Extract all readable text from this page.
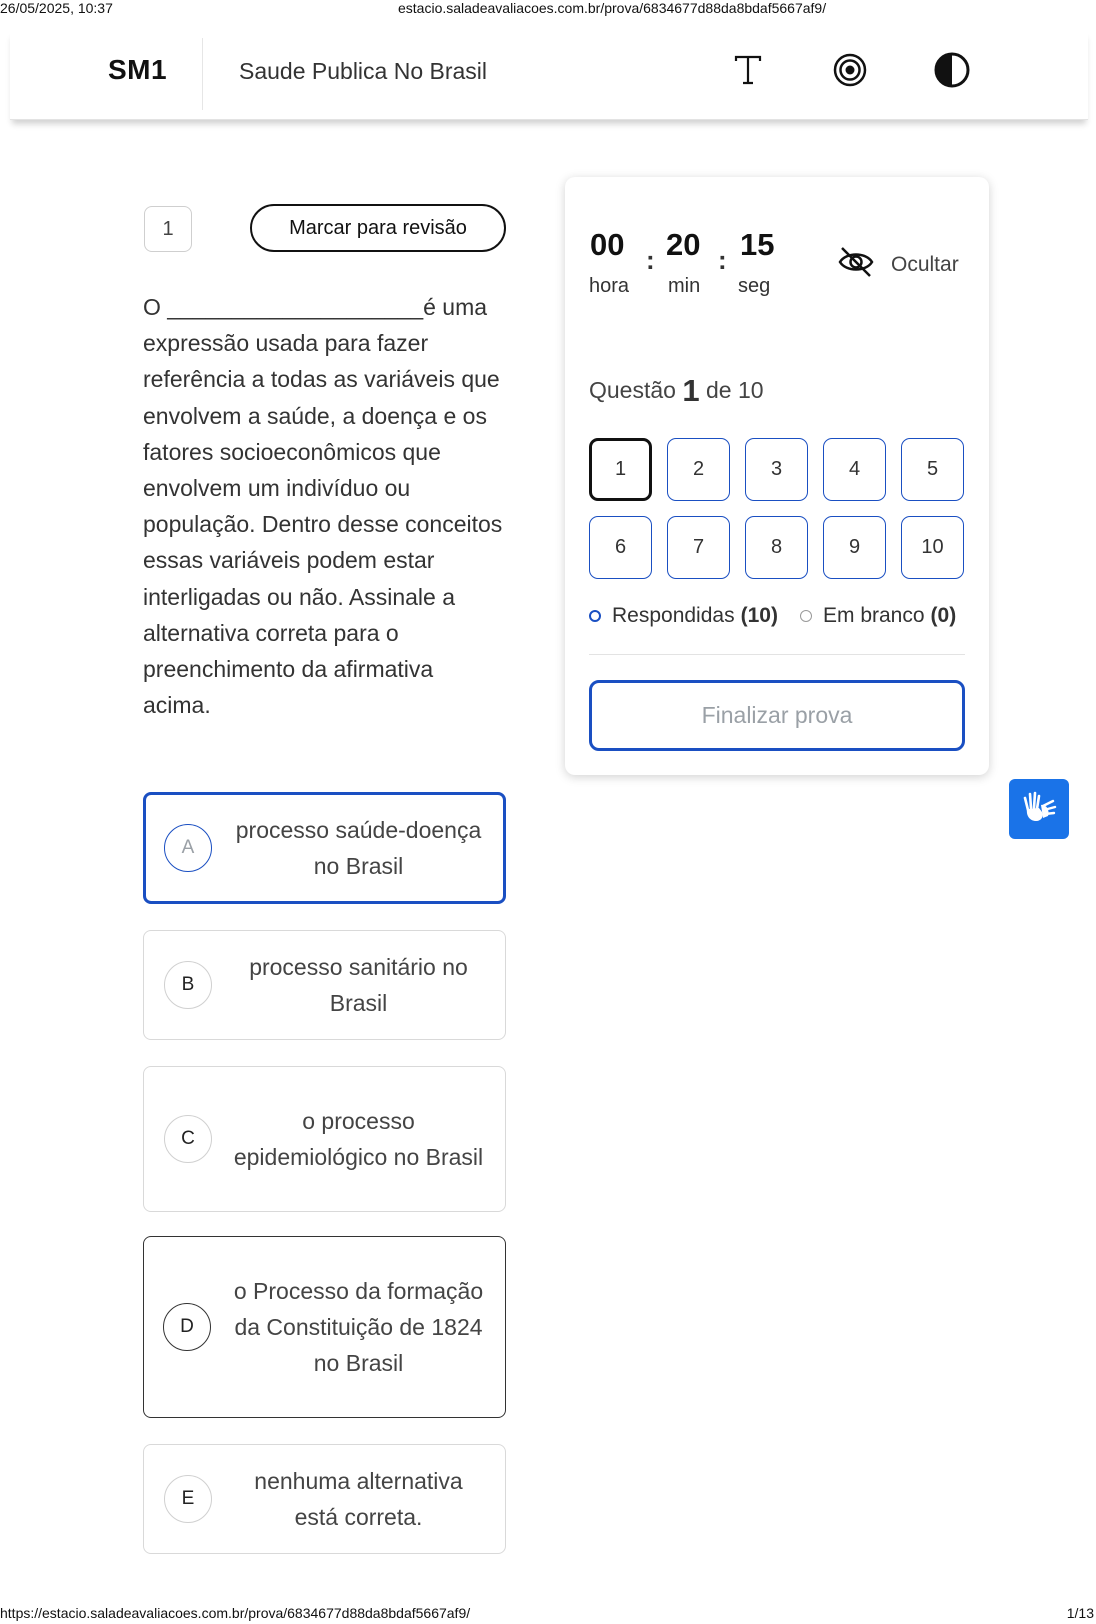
26/05/2025, 10:37	estacio.saladeavaliacoes.com.br/prova/6834677d88da8bdaf5667af9/
https://estacio.saladeavaliacoes.com.br/prova/6834677d88da8bdaf5667af9/	1/13
SM1	Saude Publica No Brasil
1	Marcar para revisão
O ____________________é uma expressão usada para fazer referência a todas as variáveis que envolvem a saúde, a doença e os fatores socioeconômicos que envolvem um indivíduo ou população. Dentro desse conceitos essas variáveis podem estar interligadas ou não. Assinale a alternativa correta para o preenchimento da afirmativa acima.
A
processo saúde-doença no Brasil
B
processo sanitário no Brasil
C
o processo epidemiológico no Brasil
D
o Processo da formação da Constituição de 1824 no Brasil
E
nenhuma alternativa está correta.
00
hora
: 20
min
: 15
seg
Ocultar
Questão 1 de 10
1	2	3	4	5
6	7	8	9	10
Respondidas (10) Em branco (0)
Finalizar prova
